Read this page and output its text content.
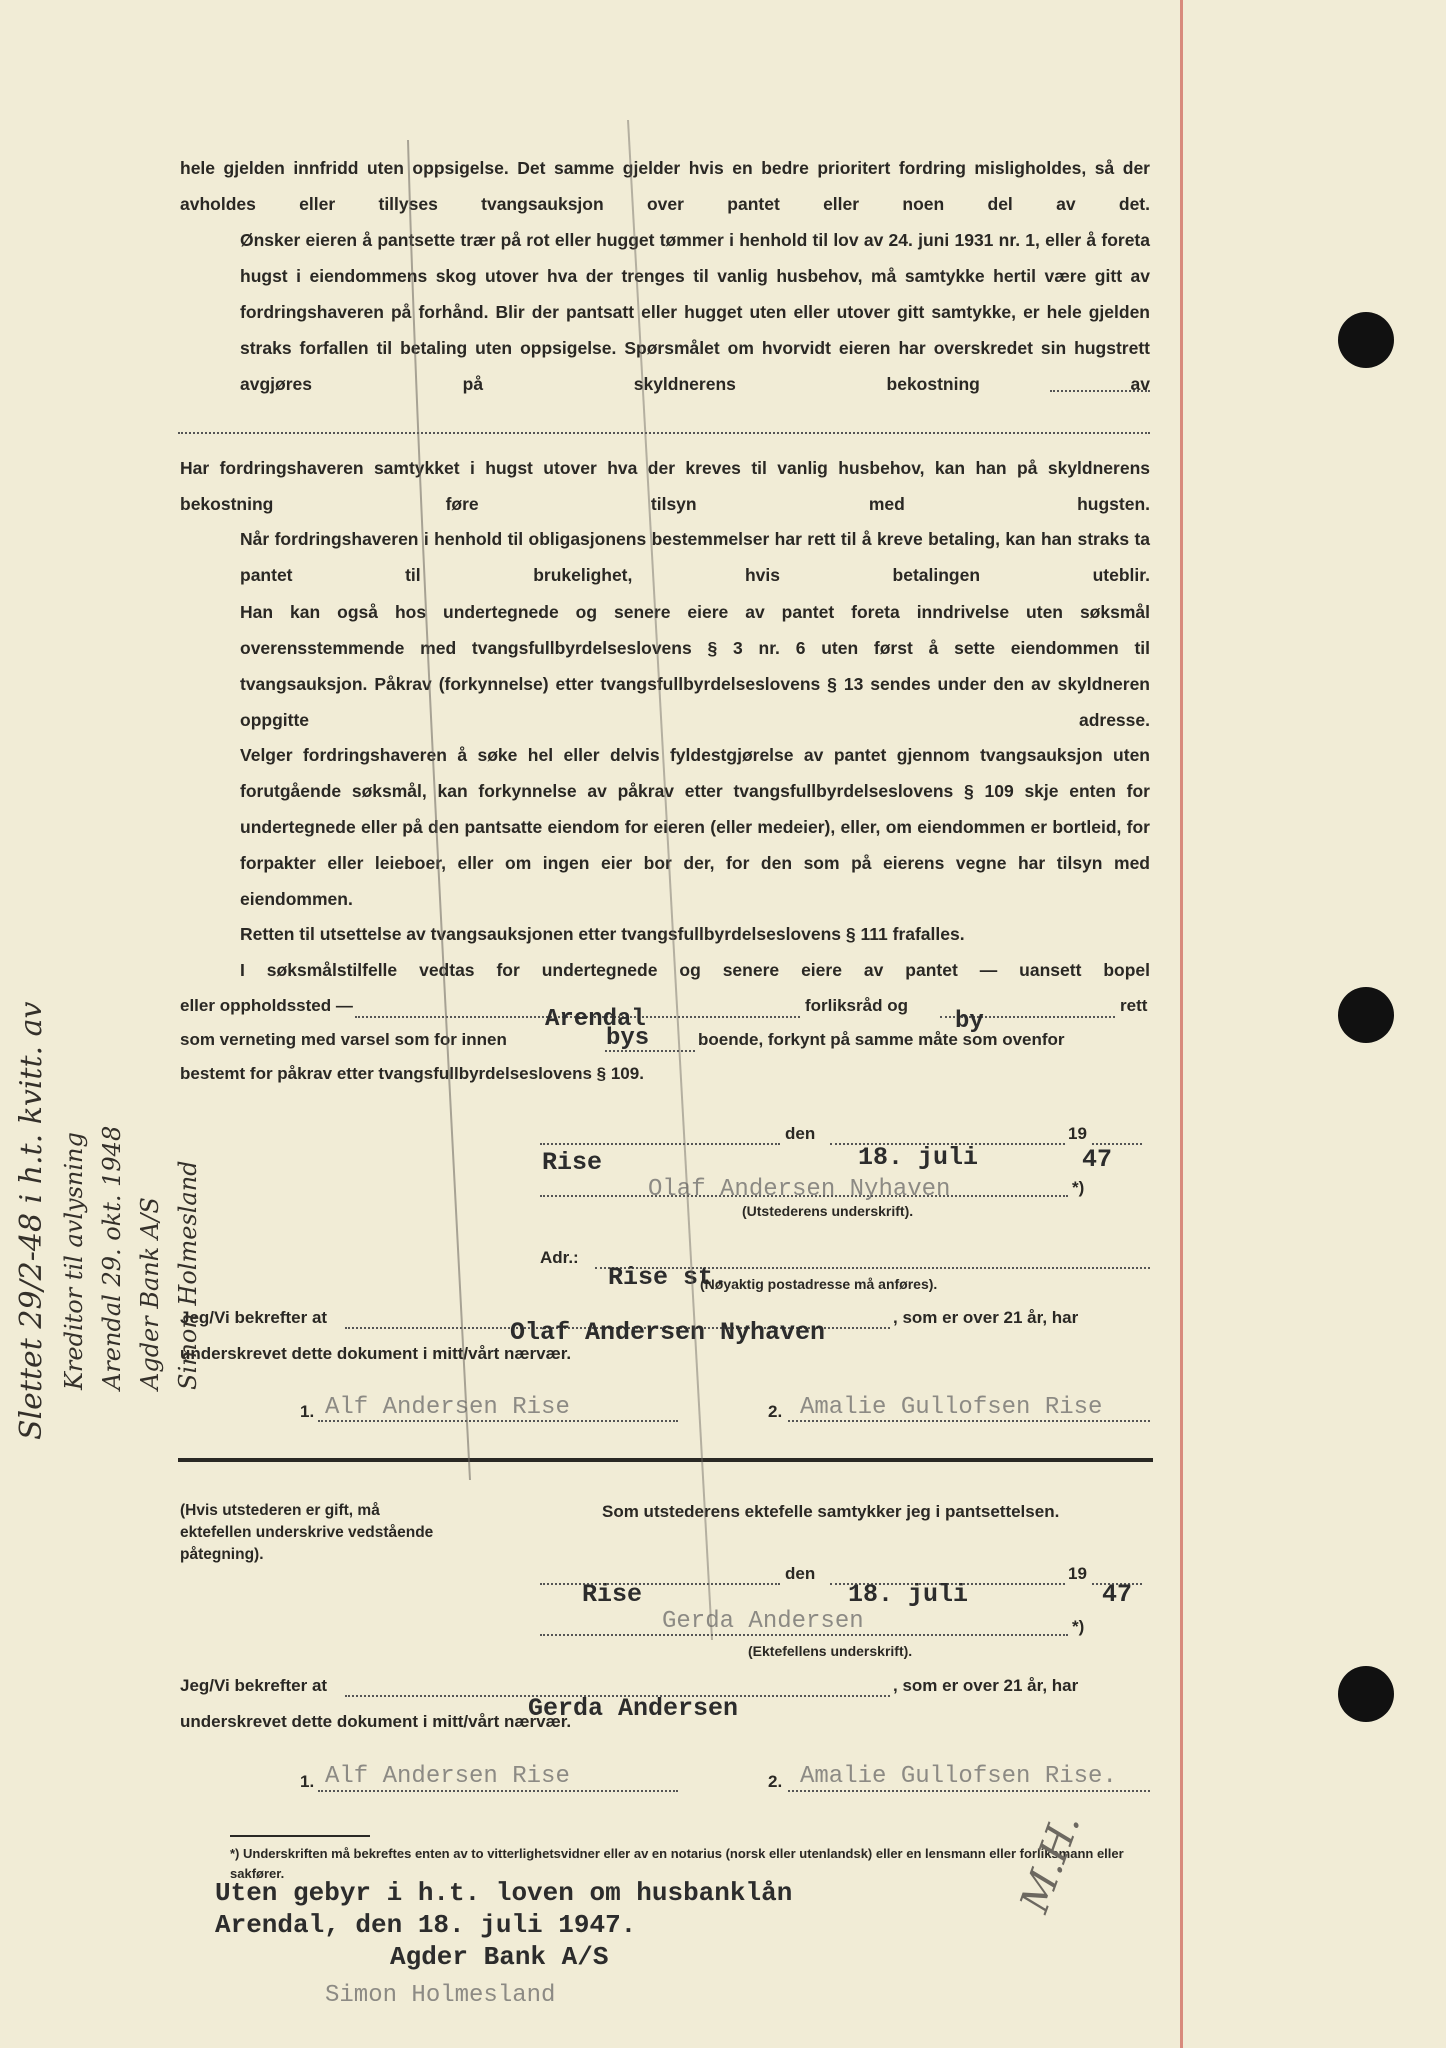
hele gjelden innfridd uten oppsigelse. Det samme gjelder hvis en bedre prioritert fordring misligholdes, så der avholdes eller tillyses tvangsauksjon over pantet eller noen del av det.
Ønsker eieren å pantsette trær på rot eller hugget tømmer i henhold til lov av 24. juni 1931 nr. 1, eller å foreta hugst i eiendommens skog utover hva der trenges til vanlig husbehov, må samtykke hertil være gitt av fordringshaveren på forhånd. Blir der pantsatt eller hugget uten eller utover gitt samtykke, er hele gjelden straks forfallen til betaling uten oppsigelse. Spørsmålet om hvorvidt eieren har overskredet sin hugstrett avgjøres på skyldnerens bekostning av
Har fordringshaveren samtykket i hugst utover hva der kreves til vanlig husbehov, kan han på skyldnerens bekostning føre tilsyn med hugsten.
Når fordringshaveren i henhold til obligasjonens bestemmelser har rett til å kreve betaling, kan han straks ta pantet til brukelighet, hvis betalingen uteblir.
Han kan også hos undertegnede og senere eiere av pantet foreta inndrivelse uten søksmål overensstemmende med tvangsfullbyrdelseslovens § 3 nr. 6 uten først å sette eiendommen til tvangsauksjon. Påkrav (forkynnelse) etter tvangsfullbyrdelseslovens § 13 sendes under den av skyldneren oppgitte adresse.
Velger fordringshaveren å søke hel eller delvis fyldestgjørelse av pantet gjennom tvangsauksjon uten forutgående søksmål, kan forkynnelse av påkrav etter tvangsfullbyrdelseslovens § 109 skje enten for undertegnede eller på den pantsatte eiendom for eieren (eller medeier), eller, om eiendommen er bortleid, for forpakter eller leieboer, eller om ingen eier bor der, for den som på eierens vegne har tilsyn med eiendommen.
Retten til utsettelse av tvangsauksjonen etter tvangsfullbyrdelseslovens § 111 frafalles.
I søksmålstilfelle vedtas for undertegnede og senere eiere av pantet — uansett bopel
eller oppholdssted —	forliksråd og	rett
Arendal	by
som verneting med varsel som for innen	bys	boende, forkynt på samme måte som ovenfor
bestemt for påkrav etter tvangsfullbyrdelseslovens § 109.
den	19
Rise	18. juli	47
Olaf Andersen Nyhaven	*)
(Utstederens underskrift).
Adr.:
Rise st.
(Nøyaktig postadresse må anføres).
Jeg/Vi bekrefter at
Olaf Andersen Nyhaven
, som er over 21 år, har
underskrevet dette dokument i mitt/vårt nærvær.
1. Alf Andersen Rise	2. Amalie Gullofsen Rise
(Hvis utstederen er gift, må ektefellen underskrive vedstående påtegning).
Som utstederens ektefelle samtykker jeg i pantsettelsen.
den	19
Rise	18. juli	47
Gerda Andersen	*)
(Ektefellens underskrift).
Jeg/Vi bekrefter at	, som er over 21 år, har
Gerda Andersen
underskrevet dette dokument i mitt/vårt nærvær.
1. Alf Andersen Rise	2. Amalie Gullofsen Rise.
*) Underskriften må bekreftes enten av to vitterlighetsvidner eller av en notarius (norsk eller utenlandsk) eller en lensmann eller forliksmann eller sakfører.
Uten gebyr i h.t. loven om husbanklån
Arendal, den 18. juli 1947.
Agder Bank A/S
Simon Holmesland
M.H.
Slettet 29/2-48 i h.t. kvitt. av Kreditor til avlysning Arendal 29. okt. 1948 Agder Bank A/S Simon Holmesland
